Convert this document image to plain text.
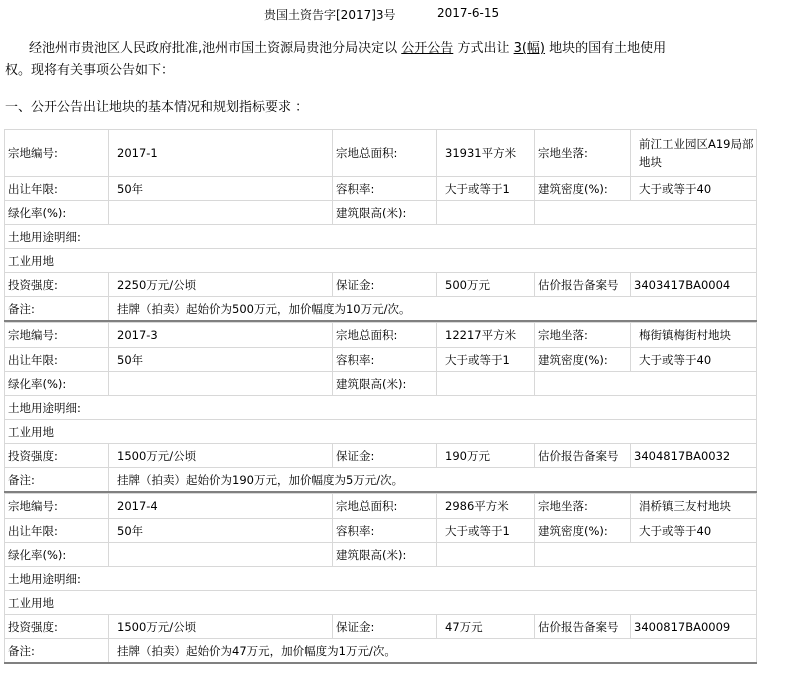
贵国土资告字[2017]3号	2017-6-15
经池州市贵池区人民政府批准,池州市国土资源局贵池分局决定以 公开公告 方式出让 3(幅) 地块的国有土地使用
权。现将有关事项公告如下：
一、公开公告出让地块的基本情况和规划指标要求 ：
宗地编号:	2017-1	宗地总面积:	31931平方米	宗地坐落:	前江工业园区A19局部地块
出让年限:	50年	容积率:	大于或等于1	建筑密度(%):	大于或等于40
绿化率(%):		建筑限高(米):			
土地用途明细:					
工业用地					
投资强度:	2250万元/公顷	保证金:	500万元	估价报告备案号	3403417BA0004
备注:	挂牌（拍卖）起始价为500万元，加价幅度为10万元/次。				
宗地编号:	2017-3	宗地总面积:	12217平方米	宗地坐落:	梅街镇梅街村地块
出让年限:	50年	容积率:	大于或等于1	建筑密度(%):	大于或等于40
绿化率(%):		建筑限高(米):			
土地用途明细:					
工业用地					
投资强度:	1500万元/公顷	保证金:	190万元	估价报告备案号	3404817BA0032
备注:	挂牌（拍卖）起始价为190万元，加价幅度为5万元/次。				
宗地编号:	2017-4	宗地总面积:	2986平方米	宗地坐落:	涓桥镇三友村地块
出让年限:	50年	容积率:	大于或等于1	建筑密度(%):	大于或等于40
绿化率(%):		建筑限高(米):			
土地用途明细:					
工业用地					
投资强度:	1500万元/公顷	保证金:	47万元	估价报告备案号	3400817BA0009
备注:	挂牌（拍卖）起始价为47万元，加价幅度为1万元/次。				
